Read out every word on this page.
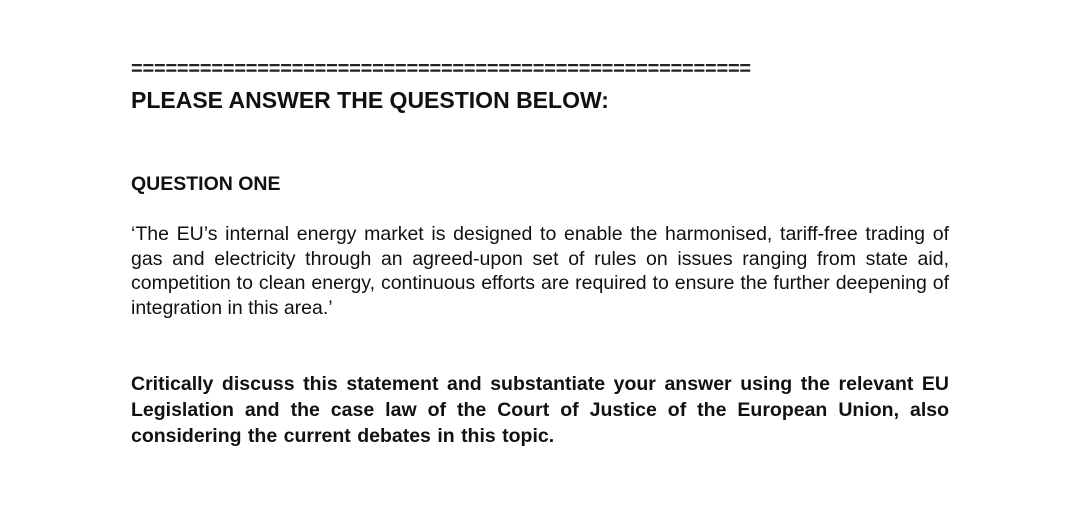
======================================================
PLEASE ANSWER THE QUESTION BELOW:
QUESTION ONE

‘The EU’s internal energy market is designed to enable the harmonised, tariff-free trading of gas and electricity through an agreed-upon set of rules on issues ranging from state aid, competition to clean energy, continuous efforts are required to ensure the further deepening of integration in this area.’

Critically discuss this statement and substantiate your answer using the relevant EU Legislation and the case law of the Court of Justice of the European Union, also considering the current debates in this topic.
